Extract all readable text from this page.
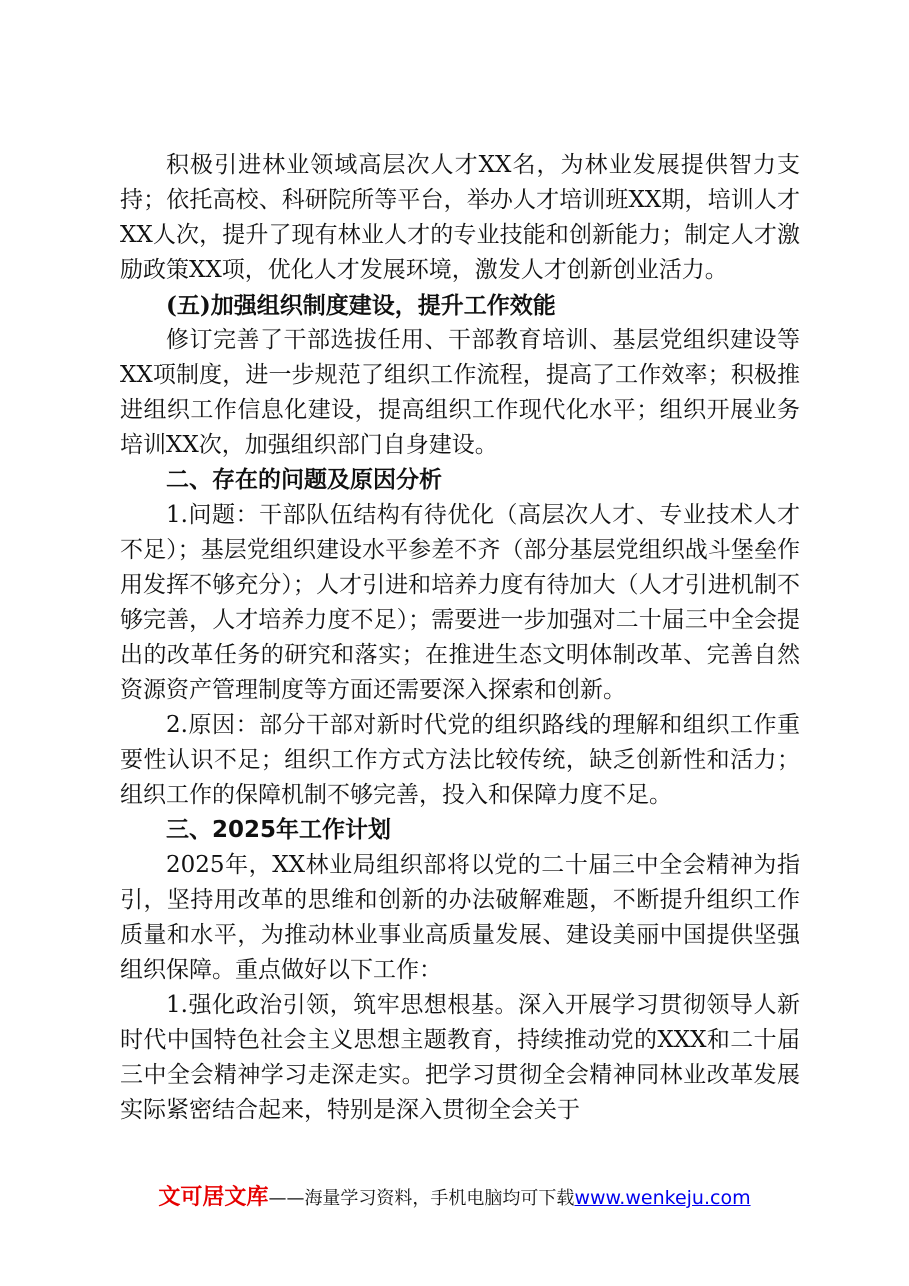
积极引进林业领域高层次人才XX名，为林业发展提供智力支持；依托高校、科研院所等平台，举办人才培训班XX期，培训人才XX人次，提升了现有林业人才的专业技能和创新能力；制定人才激励政策XX项，优化人才发展环境，激发人才创新创业活力。

(五)加强组织制度建设，提升工作效能

修订完善了干部选拔任用、干部教育培训、基层党组织建设等XX项制度，进一步规范了组织工作流程，提高了工作效率；积极推进组织工作信息化建设，提高组织工作现代化水平；组织开展业务培训XX次，加强组织部门自身建设。

二、存在的问题及原因分析

1.问题：干部队伍结构有待优化（高层次人才、专业技术人才不足）；基层党组织建设水平参差不齐（部分基层党组织战斗堡垒作用发挥不够充分）；人才引进和培养力度有待加大（人才引进机制不够完善，人才培养力度不足）；需要进一步加强对二十届三中全会提出的改革任务的研究和落实；在推进生态文明体制改革、完善自然资源资产管理制度等方面还需要深入探索和创新。

2.原因：部分干部对新时代党的组织路线的理解和组织工作重要性认识不足；组织工作方式方法比较传统，缺乏创新性和活力；组织工作的保障机制不够完善，投入和保障力度不足。

三、2025年工作计划

2025年，XX林业局组织部将以党的二十届三中全会精神为指引，坚持用改革的思维和创新的办法破解难题，不断提升组织工作质量和水平，为推动林业事业高质量发展、建设美丽中国提供坚强组织保障。重点做好以下工作：

1.强化政治引领，筑牢思想根基。深入开展学习贯彻领导人新时代中国特色社会主义思想主题教育，持续推动党的XXX和二十届三中全会精神学习走深走实。把学习贯彻全会精神同林业改革发展实际紧密结合起来，特别是深入贯彻全会关于

文可居文库——海量学习资料，手机电脑均可下载www.wenkeju.com
